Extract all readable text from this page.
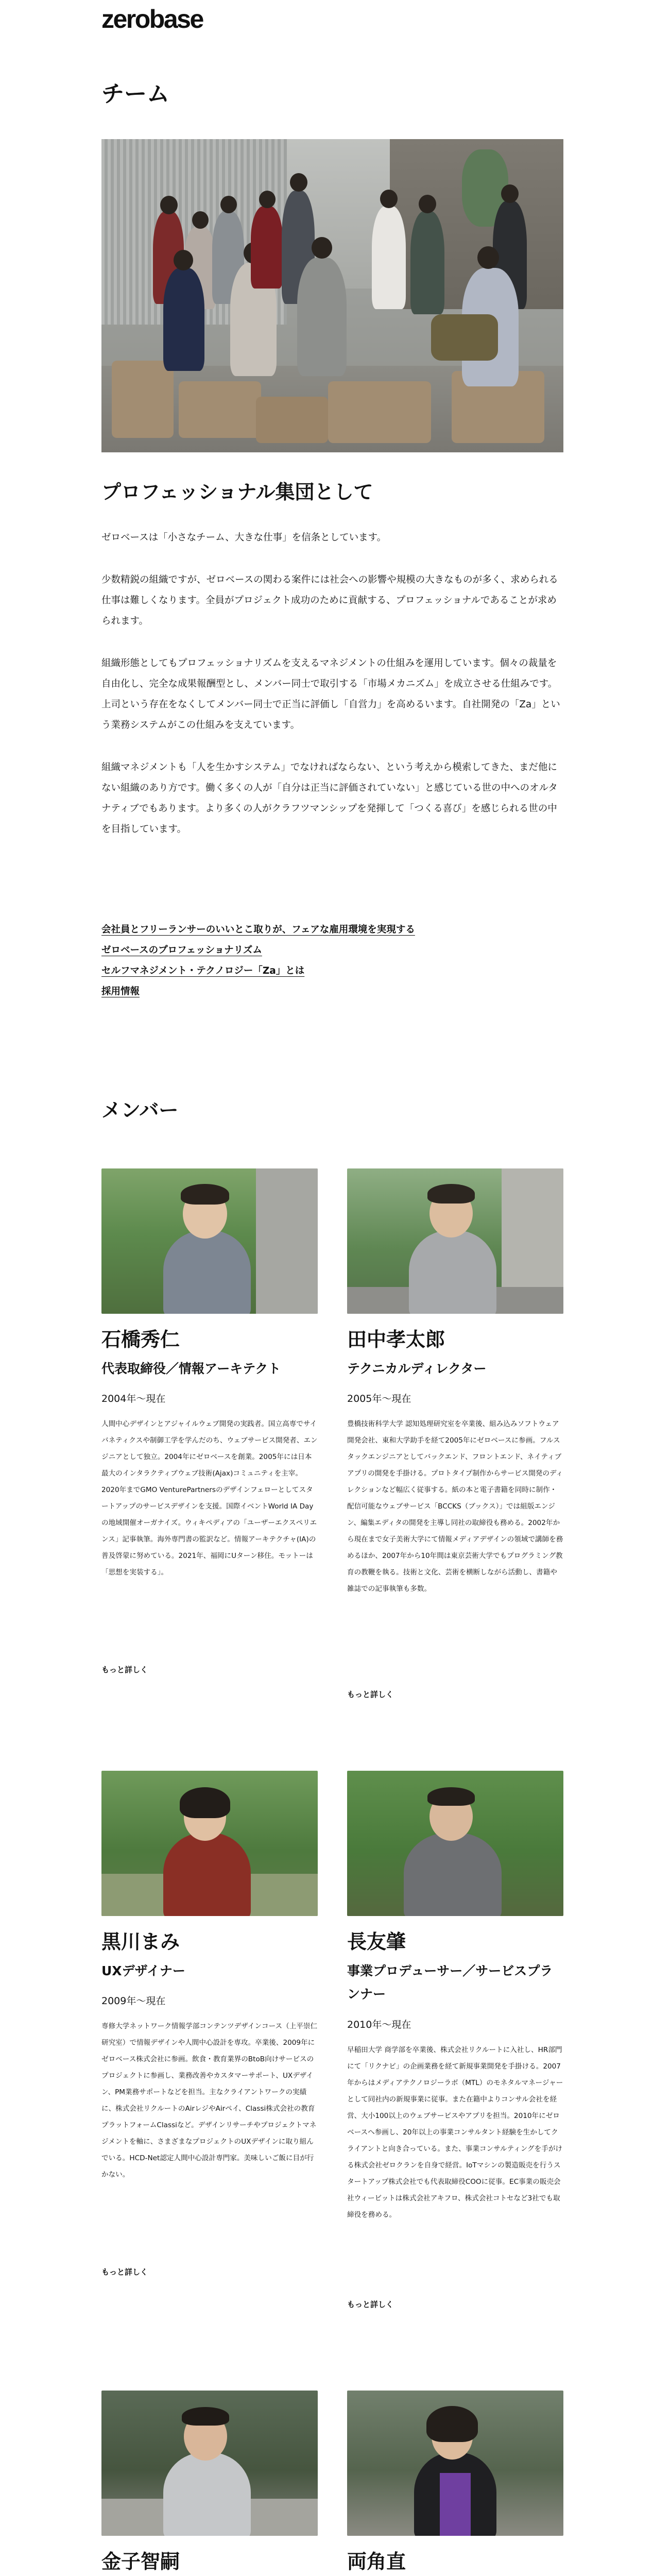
zerobase
チーム
プロフェッショナル集団として

ゼロベースは「小さなチーム、大きな仕事」を信条としています。

少数精鋭の組織ですが、ゼロベースの関わる案件には社会への影響や規模の大きなものが多く、求められる仕事は難しくなります。全員がプロジェクト成功のために貢献する、プロフェッショナルであることが求められます。

組織形態としてもプロフェッショナリズムを支えるマネジメントの仕組みを運用しています。個々の裁量を自由化し、完全な成果報酬型とし、メンバー同士で取引する「市場メカニズム」を成立させる仕組みです。上司という存在をなくしてメンバー同士で正当に評価し「自営力」を高めるいます。自社開発の「Za」という業務システムがこの仕組みを支えています。

組織マネジメントも「人を生かすシステム」でなければならない、という考えから模索してきた、まだ他にない組織のあり方です。働く多くの人が「自分は正当に評価されていない」と感じている世の中へのオルタナティブでもあります。より多くの人がクラフツマンシップを発揮して「つくる喜び」を感じられる世の中を目指しています。

会社員とフリーランサーのいいとこ取りが、フェアな雇用環境を実現する
ゼロベースのプロフェッショナリズム
セルフマネジメント・テクノロジー「Za」とは
採用情報
メンバー
石橋秀仁
代表取締役／情報アーキテクト
2004年〜現在
人間中心デザインとアジャイルウェブ開発の実践者。国立高専でサイバネティクスや制御工学を学んだのち、ウェブサービス開発者、エンジニアとして独立。2004年にゼロベースを創業。2005年には日本最大のインタラクティブウェブ技術(Ajax)コミュニティを主宰。2020年までGMO VenturePartnersのデザインフェローとしてスタートアップのサービスデザインを支援。国際イベントWorld IA Day の地域開催オーガナイズ。ウィキペディアの「ユーザーエクスペリエンス」記事執筆。海外専門書の監訳など。情報アーキテクチャ(IA)の普及啓蒙に努めている。2021年、福岡にUターン移住。モットーは「思想を実装する」。
もっと詳しく
田中孝太郎
テクニカルディレクター
2005年〜現在
豊橋技術科学大学 認知処理研究室を卒業後、組み込みソフトウェア開発会社、東和大学助手を経て2005年にゼロベースに参画。フルスタックエンジニアとしてバックエンド、フロントエンド、ネイティブアプリの開発を手掛ける。プロトタイプ制作からサービス開発のディレクションなど幅広く従事する。紙の本と電子書籍を同時に制作・配信可能なウェブサービス「BCCKS（ブックス）」では組版エンジン、編集エディタの開発を主導し同社の取締役も務める。2002年から現在まで女子美術大学にて情報メディアデザインの領域で講師を務めるほか、2007年から10年間は東京芸術大学でもプログラミング教育の教鞭を執る。技術と文化、芸術を横断しながら活動し、書籍や雑誌での記事執筆も多数。
もっと詳しく
黒川まみ
UXデザイナー
2009年〜現在
専修大学ネットワーク情報学部コンテンツデザインコース（上平崇仁研究室）で情報デザインや人間中心設計を専攻。卒業後、2009年にゼロベース株式会社に参画。飲食・教育業界のBtoB向けサービスのプロジェクトに参画し、業務改善やカスタマーサポート、UXデザイン、PM業務サポートなどを担当。主なクライアントワークの実績に、株式会社リクルートのAirレジやAirペイ、Classi株式会社の教育プラットフォームClassiなど。デザインリサーチやプロジェクトマネジメントを軸に、さまざまなプロジェクトのUXデザインに取り組んでいる。HCD-Net認定人間中心設計専門家。美味しいご飯に目が行かない。
もっと詳しく
長友肇
事業プロデューサー／サービスプランナー
2010年〜現在
早稲田大学 商学部を卒業後、株式会社リクルートに入社し、HR部門にて「リクナビ」の企画業務を経て新規事業開発を手掛ける。2007年からはメディアテクノロジーラボ（MTL）のモネタルマネージャーとして同社内の新規事業に従事。また在籍中よりコンサル会社を経営、大小100以上のウェブサービスやアプリを担当。2010年にゼロベースへ参画し、20年以上の事業コンサルタント経験を生かしてクライアントと向き合っている。また、事業コンサルティングを手がける株式会社ゼロクランを自身で経営。IoTマシンの製造販売を行うスタートアップ株式会社でも代表取締役COOに従事。EC事業の販売会社ウィービットは株式会社アキフロ、株式会社コトセなど3社でも取締役を務める。
もっと詳しく
金子智嗣	両角直
